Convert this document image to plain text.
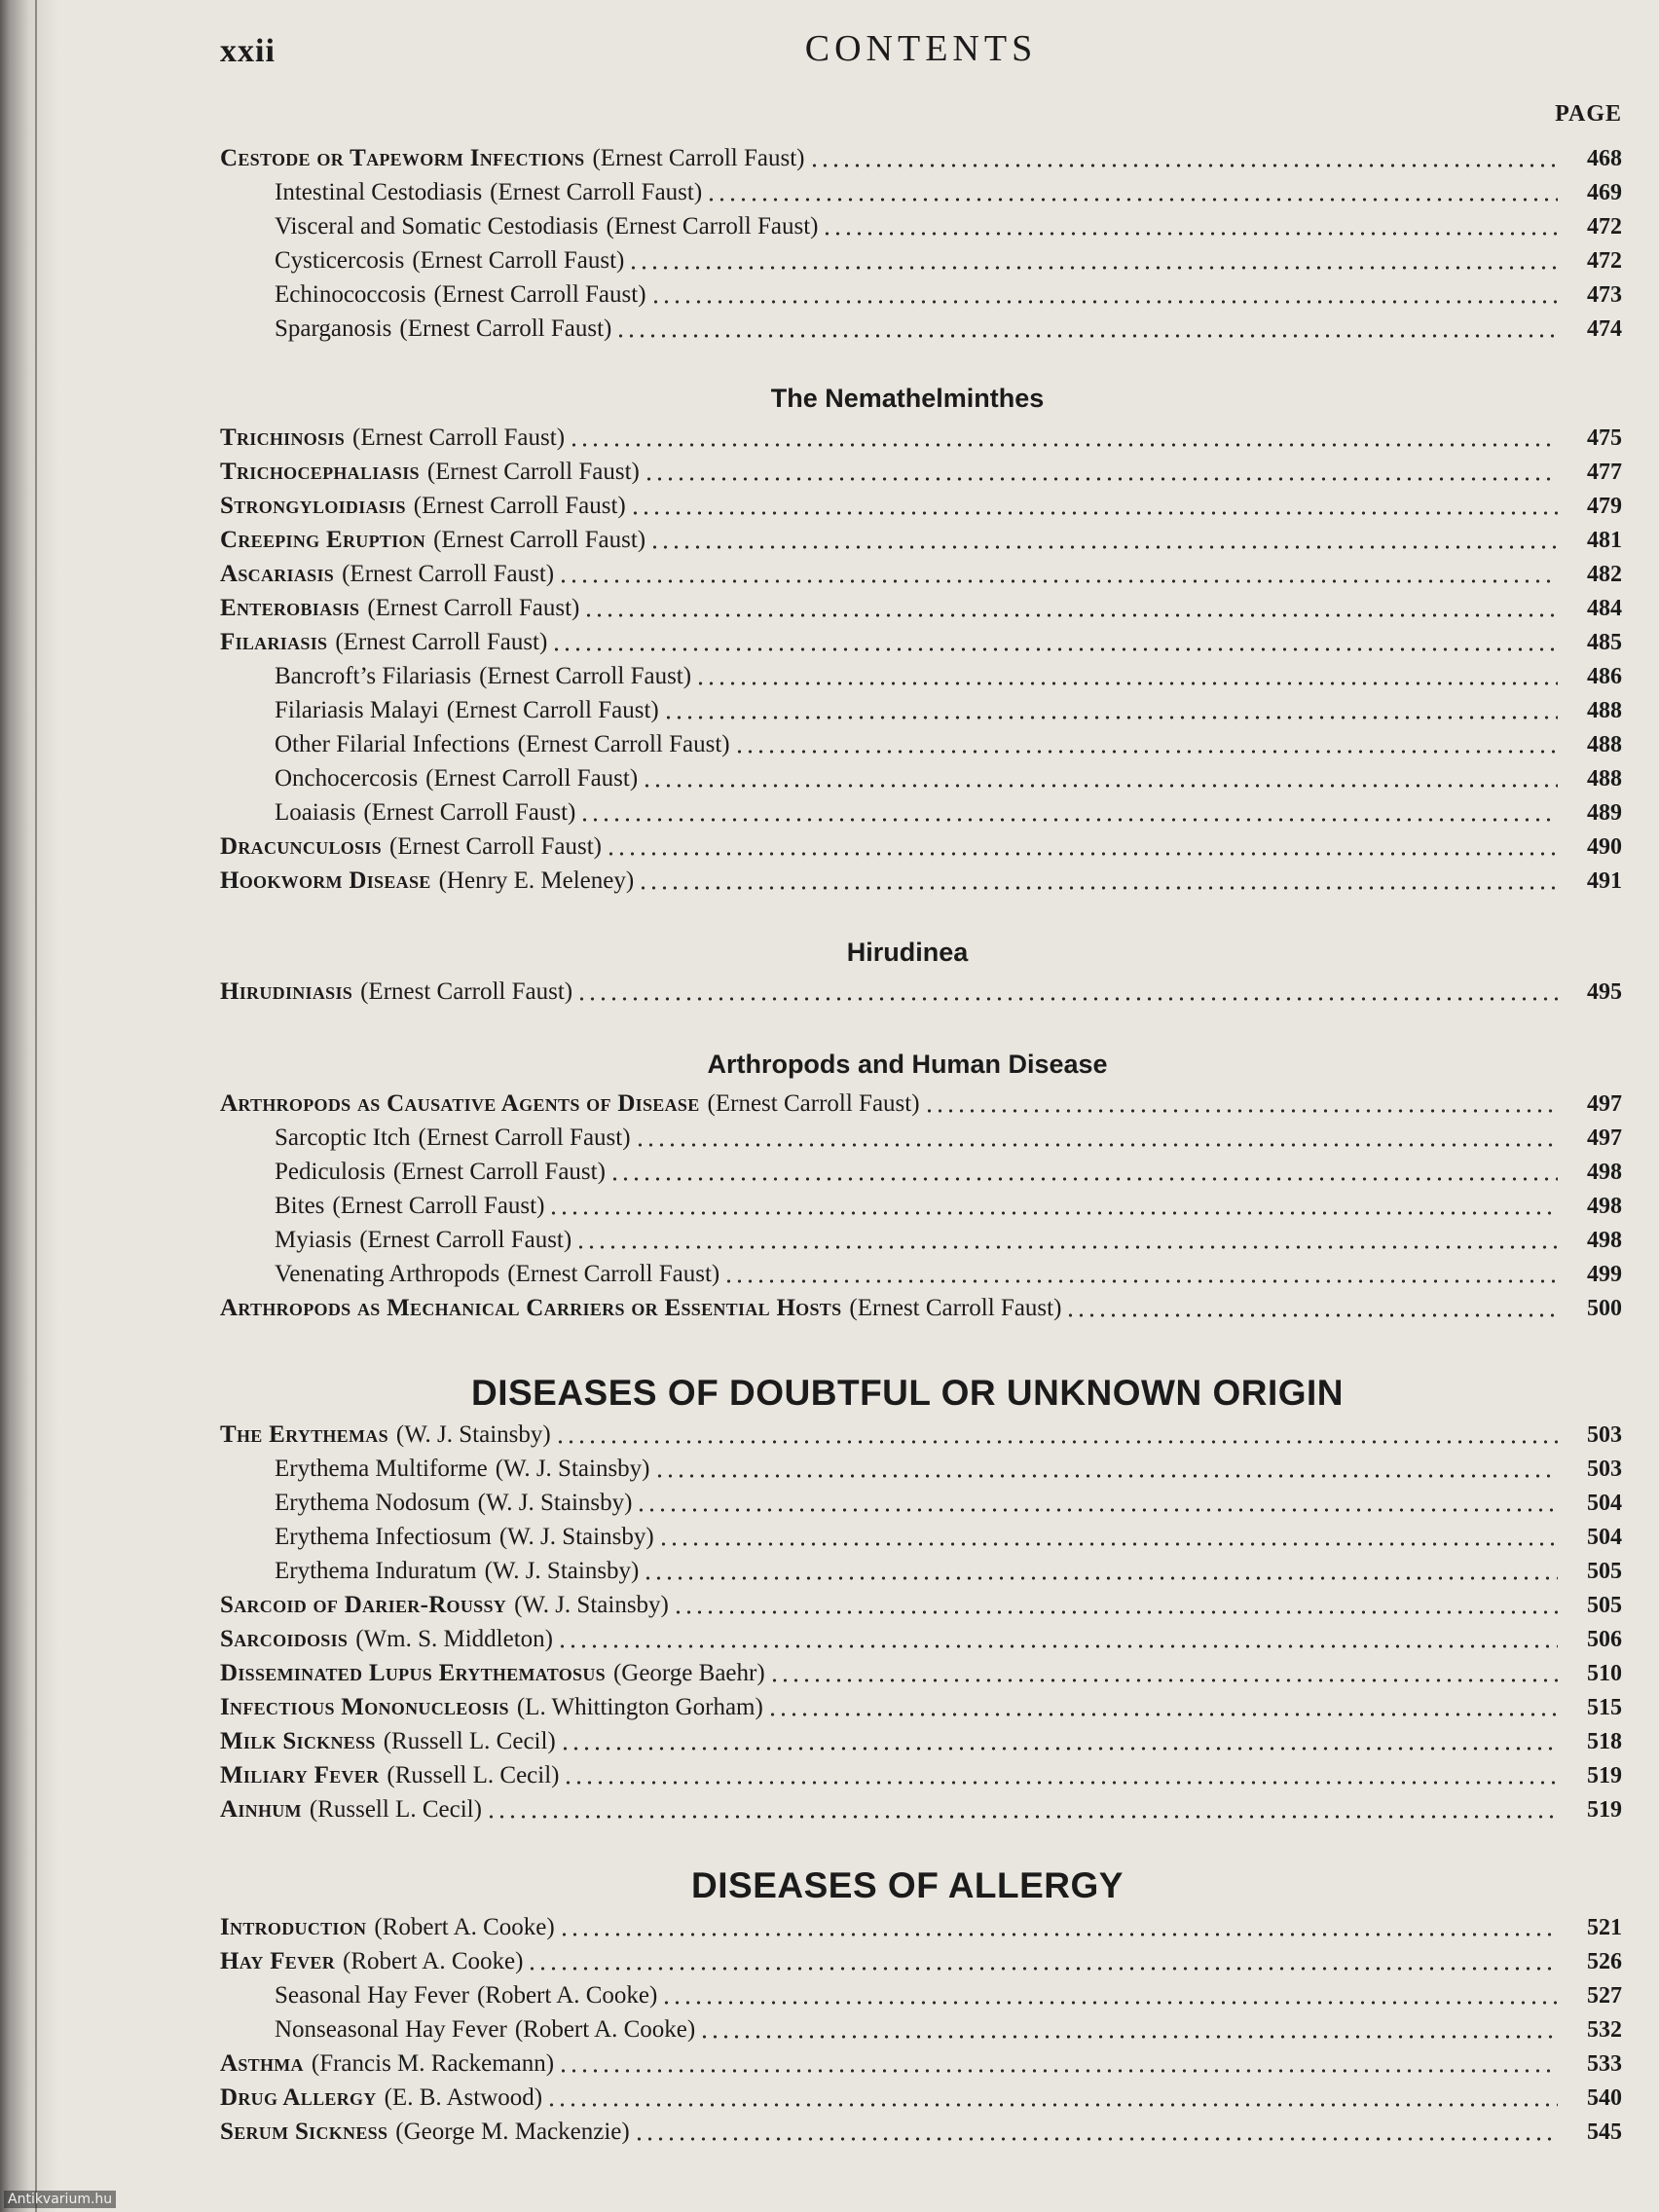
xxii	CONTENTS
PAGE
Cestode or Tapeworm Infections (Ernest Carroll Faust)	468
Intestinal Cestodiasis (Ernest Carroll Faust)	469
Visceral and Somatic Cestodiasis (Ernest Carroll Faust)	472
Cysticercosis (Ernest Carroll Faust)	472
Echinococcosis (Ernest Carroll Faust)	473
Sparganosis (Ernest Carroll Faust)	474
The Nemathelminthes
Trichinosis (Ernest Carroll Faust)	475
Trichocephaliasis (Ernest Carroll Faust)	477
Strongyloidiasis (Ernest Carroll Faust)	479
Creeping Eruption (Ernest Carroll Faust)	481
Ascariasis (Ernest Carroll Faust)	482
Enterobiasis (Ernest Carroll Faust)	484
Filariasis (Ernest Carroll Faust)	485
Bancroft’s Filariasis (Ernest Carroll Faust)	486
Filariasis Malayi (Ernest Carroll Faust)	488
Other Filarial Infections (Ernest Carroll Faust)	488
Onchocercosis (Ernest Carroll Faust)	488
Loaiasis (Ernest Carroll Faust)	489
Dracunculosis (Ernest Carroll Faust)	490
Hookworm Disease (Henry E. Meleney)	491
Hirudinea
Hirudiniasis (Ernest Carroll Faust)	495
Arthropods and Human Disease
Arthropods as Causative Agents of Disease (Ernest Carroll Faust)	497
Sarcoptic Itch (Ernest Carroll Faust)	497
Pediculosis (Ernest Carroll Faust)	498
Bites (Ernest Carroll Faust)	498
Myiasis (Ernest Carroll Faust)	498
Venenating Arthropods (Ernest Carroll Faust)	499
Arthropods as Mechanical Carriers or Essential Hosts (Ernest Carroll Faust)	500
DISEASES OF DOUBTFUL OR UNKNOWN ORIGIN
The Erythemas (W. J. Stainsby)	503
Erythema Multiforme (W. J. Stainsby)	503
Erythema Nodosum (W. J. Stainsby)	504
Erythema Infectiosum (W. J. Stainsby)	504
Erythema Induratum (W. J. Stainsby)	505
Sarcoid of Darier-Roussy (W. J. Stainsby)	505
Sarcoidosis (Wm. S. Middleton)	506
Disseminated Lupus Erythematosus (George Baehr)	510
Infectious Mononucleosis (L. Whittington Gorham)	515
Milk Sickness (Russell L. Cecil)	518
Miliary Fever (Russell L. Cecil)	519
Ainhum (Russell L. Cecil)	519
DISEASES OF ALLERGY
Introduction (Robert A. Cooke)	521
Hay Fever (Robert A. Cooke)	526
Seasonal Hay Fever (Robert A. Cooke)	527
Nonseasonal Hay Fever (Robert A. Cooke)	532
Asthma (Francis M. Rackemann)	533
Drug Allergy (E. B. Astwood)	540
Serum Sickness (George M. Mackenzie)	545
Antikvarium.hu
